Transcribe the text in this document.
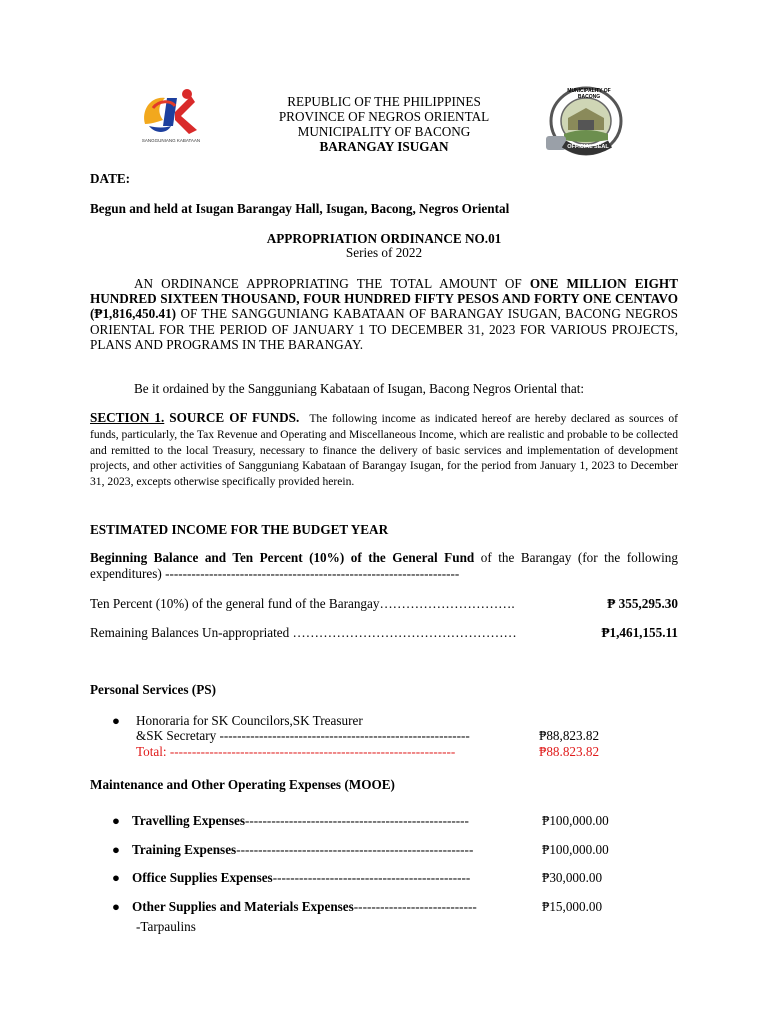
SANGGUNIANG KABATAAN
MUNICIPALITY OF BACONG
OFFICIAL SEAL
REPUBLIC OF THE PHILIPPINES
PROVINCE OF NEGROS ORIENTAL
MUNICIPALITY OF BACONG
BARANGAY ISUGAN
DATE:
Begun and held at Isugan Barangay Hall, Isugan, Bacong, Negros Oriental
APPROPRIATION ORDINANCE NO.01
Series of 2022
AN ORDINANCE APPROPRIATING THE TOTAL AMOUNT OF ONE MILLION EIGHT HUNDRED SIXTEEN THOUSAND, FOUR HUNDRED FIFTY PESOS AND FORTY ONE CENTAVO (₱1,816,450.41) OF THE SANGGUNIANG KABATAAN OF BARANGAY ISUGAN, BACONG NEGROS ORIENTAL FOR THE PERIOD OF JANUARY 1 TO DECEMBER 31, 2023 FOR VARIOUS PROJECTS, PLANS AND PROGRAMS IN THE BARANGAY.
Be it ordained by the Sangguniang Kabataan of Isugan, Bacong Negros Oriental that:
SECTION 1. SOURCE OF FUNDS. The following income as indicated hereof are hereby declared as sources of funds, particularly, the Tax Revenue and Operating and Miscellaneous Income, which are realistic and probable to be collected and remitted to the local Treasury, necessary to finance the delivery of basic services and implementation of development projects, and other activities of Sangguniang Kabataan of Barangay Isugan, for the period from January 1, 2023 to December 31, 2023, excepts otherwise specifically provided herein.
ESTIMATED INCOME FOR THE BUDGET YEAR
Beginning Balance and Ten Percent (10%) of the General Fund of the Barangay (for the following expenditures) -------------------------------------------------------------------
Ten Percent (10%) of the general fund of the Barangay………………………….	₱ 355,295.30
Remaining Balances Un-appropriated ……………………………………………	₱1,461,155.11
Personal Services (PS)
● Honoraria for SK Councilors,SK Treasurer
&SK Secretary ---------------------------------------------------------	₱88,823.82
Total: -----------------------------------------------------------------	₱88.823.82
Maintenance and Other Operating Expenses (MOOE)
● Travelling Expenses---------------------------------------------------	₱100,000.00
● Training Expenses------------------------------------------------------	₱100,000.00
● Office Supplies Expenses---------------------------------------------	₱30,000.00
● Other Supplies and Materials Expenses----------------------------	₱15,000.00
-Tarpaulins
